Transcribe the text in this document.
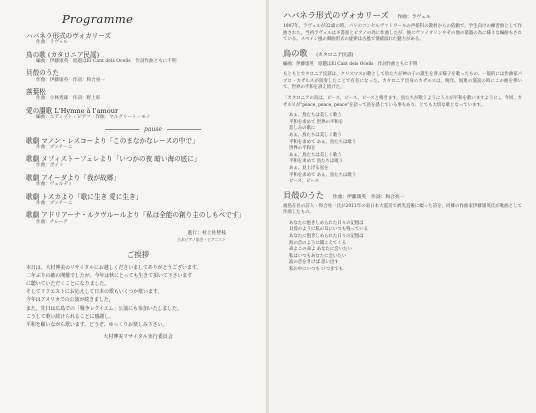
Programme
ハバネラ形式のヴォカリーズ
作曲：ラヴェル
鳥の歌 (カタロニア民謡)
編曲：伊藤康英　原題はEl Cant dels Ocells　作詞作曲ともに不明
貝殻のうた
作曲：伊藤康英　作詞：和合亮一
落葉松
作曲：小林秀雄　作詞：野上彰
愛の讃歌 L'Hymne à l'amour
編曲：エディット・ピアフ　作曲：マルグリート・モノ
pause
歌劇 マノン・レスコーより「このまなかなレースの中で」
作曲：プッチーニ
歌劇 メフィストーフェレより「いつかの夜 暗い海の底に」
作曲：ボイト
歌劇 アイーダより「我が故郷」
作曲：ヴェルディ
歌劇 トスカより「歌に生き 愛に生き」
作曲：プッチーニ
歌劇 アドリアーナ・ルクヴルールより「私は全能の創り主のしもべです」
作曲：チレーア
進行：村上佐智枝
日本ピアノ協会・ピアニスト
ご挨拶

本日は、大村博美のリサイタルにお越しくださいましてありがとうございます。

二年ぶりの敵の開催でしたが、今年は秋にとっても生きて頂いて下さいます

に聴いていただくことになりました。

そしてリクエストにお応えして日本の歌もいくつか歌います。

今年はアメリカでの公演が続きました。

また、先日は広島での「戦争レクイエム」公演にも参加いたしました。

こうして歌い続けられることに感謝し、

平和を願いながら歌います。どうぞ、ゆっくりお楽しみ下さい。

大村博美リサイタル実行委員会
ハバネラ形式のヴォカリーズ 作曲：ラヴェル

1907年、ラヴェルが32歳の時、パリのコンセルヴァトワールの声楽科の教材からの依頼で、学生向けの練習曲として作曲された。当初ラヴェルはギ書面とピアノの為に作曲したが、後にヴァイオリンやその他の楽器の為に様々な編曲もされている。スペイン風の舞曲形式の旋律は古風で情緒溢れた魅力がある。

鳥の歌 (カタロニア民謡)
編曲：伊藤康英　原題はEl Cant dels Ocells　作詞作曲ともに不明

もともとカタロニア民謡は、クリスマスの歌として鳥たちが神の子の誕生を喜ぶ様子を歌ったもの。一般的には作曲家パブロ・カザルスが演奏したことで有名になった。カタロニア出身のカザルスは、晩年、国連の演説の時にこの曲を弾いて、世界の平和を訴え続けた。

「カタロニアの鳥は、ピース、ピース、ピースと鳴きます。鳥たちが歌うように人々が平和を歌いますように」。今回、カザルスが"peace, peace, peace"を語って鳥を感じている事もあり、とても大切な歌となっています。

あぁ、鳥たちは美しく歌う
平和を求めて 世界の平和を
悲しみの歌に
あぁ、鳥たちは美しく歌う
平和を求めて あぁ、鳥たちは歌う
世界の平和を
あぁ、鳥たちは美しく歌う
平和を求めて 鳥たちは歌う
あぁ、見上げる星を
平和を求めて あぁ、鳥たちは歌う
ピース、ピース
貝殻のうた 作曲：伊藤康英　作詞：和合亮一

福島在住の詩人・和合亮一氏が2011年の東日本大震災で被災直後に綴った詩を、同郷の作曲家伊藤康英氏が歌曲として作曲したもの。

あなたに抱きしめられた日々の記憶は
貝殻のように私の耳にいつも残っている
あなたに抱きしめられた日々の記憶は
海の音のように聞こえてくる
命よこの命よ あなたに会いたい
私はいつもあなたに会いたい
波の音をきけば 思い出す
私の中にいつも いつまでも
